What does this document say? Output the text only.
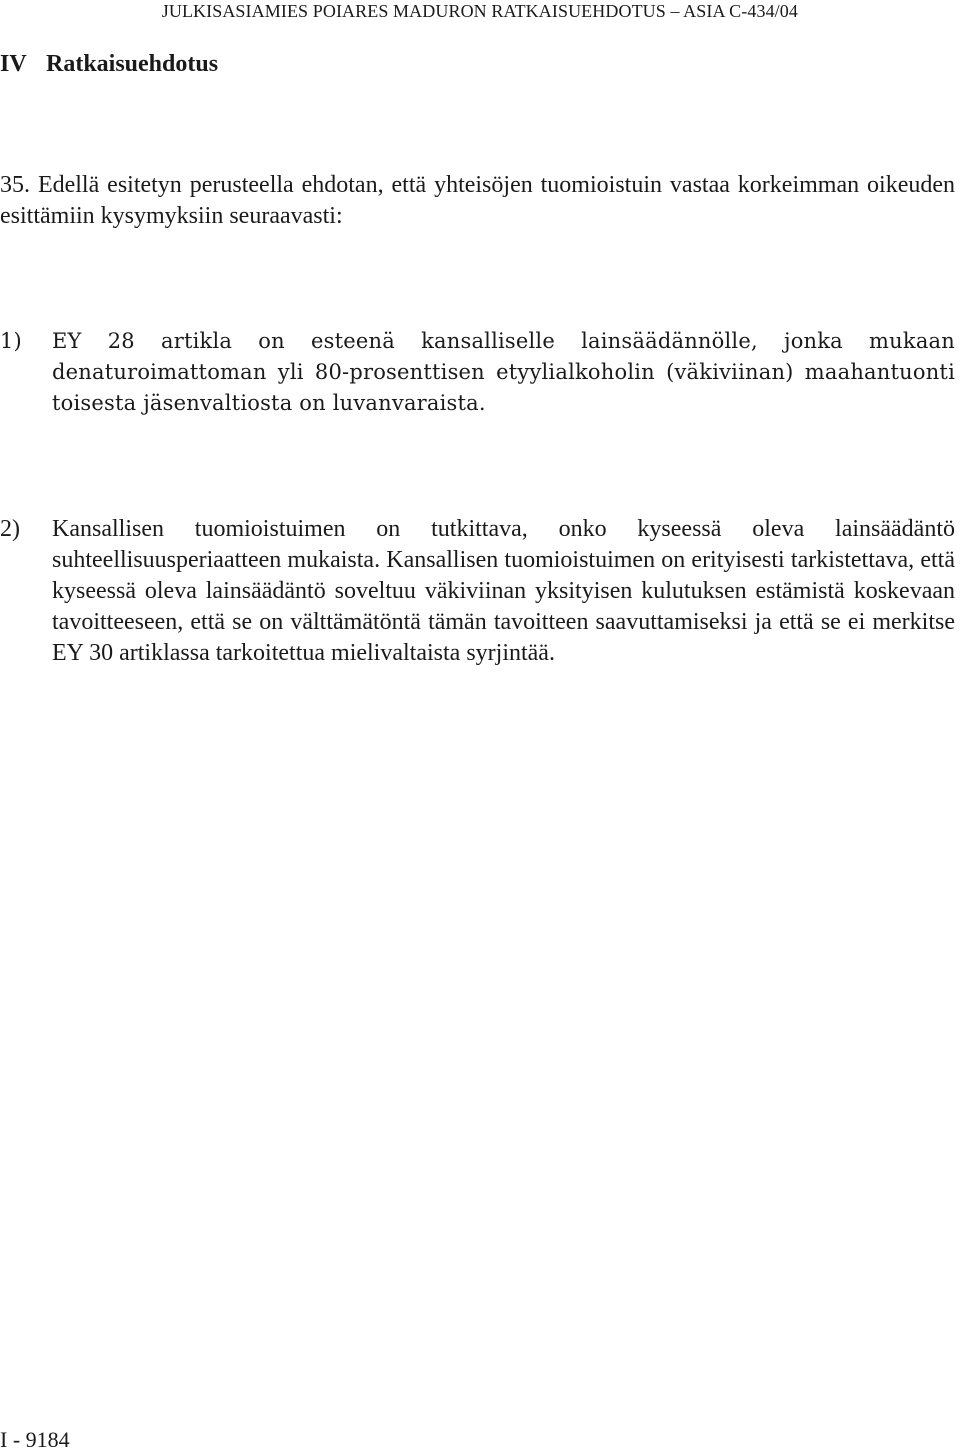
JULKISASIAMIES POIARES MADURON RATKAISUEHDOTUS – ASIA C-434/04
IV Ratkaisuehdotus

35. Edellä esitetyn perusteella ehdotan, että yhteisöjen tuomioistuin vastaa korkeimman oikeuden esittämiin kysymyksiin seuraavasti:

1) EY 28 artikla on esteenä kansalliselle lainsäädännölle, jonka mukaan denaturoimattoman yli 80-prosenttisen etyylialkoholin (väkiviinan) maahantuonti toisesta jäsenvaltiosta on luvanvaraista.
2) Kansallisen tuomioistuimen on tutkittava, onko kyseessä oleva lainsäädäntö suhteellisuusperiaatteen mukaista. Kansallisen tuomioistuimen on erityisesti tarkistettava, että kyseessä oleva lainsäädäntö soveltuu väkiviinan yksityisen kulutuksen estämistä koskevaan tavoitteeseen, että se on välttämätöntä tämän tavoitteen saavuttamiseksi ja että se ei merkitse EY 30 artiklassa tarkoitettua mielivaltaista syrjintää.
I - 9184
